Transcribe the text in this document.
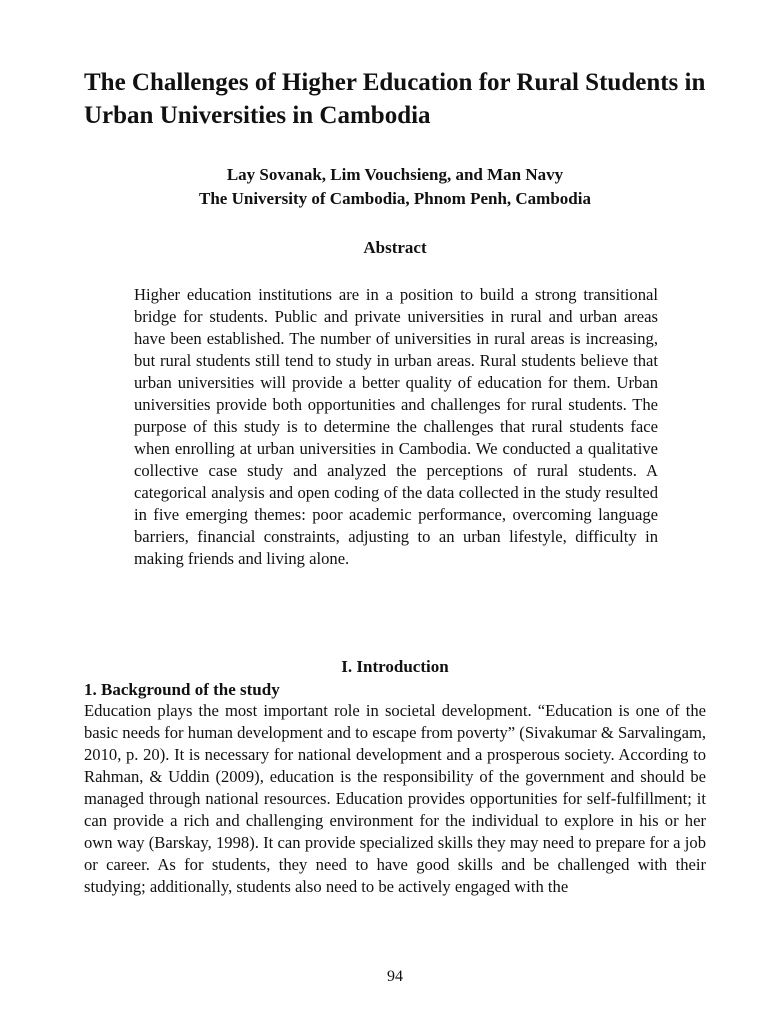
The Challenges of Higher Education for Rural Students in Urban Universities in Cambodia

Lay Sovanak, Lim Vouchsieng, and Man Navy

The University of Cambodia, Phnom Penh, Cambodia

Abstract

Higher education institutions are in a position to build a strong transitional bridge for students. Public and private universities in rural and urban areas have been established. The number of universities in rural areas is increasing, but rural students still tend to study in urban areas. Rural students believe that urban universities will provide a better quality of education for them. Urban universities provide both opportunities and challenges for rural students. The purpose of this study is to determine the challenges that rural students face when enrolling at urban universities in Cambodia. We conducted a qualitative collective case study and analyzed the perceptions of rural students. A categorical analysis and open coding of the data collected in the study resulted in five emerging themes: poor academic performance, overcoming language barriers, financial constraints, adjusting to an urban lifestyle, difficulty in making friends and living alone.

I. Introduction
1. Background of the study

Education plays the most important role in societal development. “Education is one of the basic needs for human development and to escape from poverty” (Sivakumar & Sarvalingam, 2010, p. 20). It is necessary for national development and a prosperous society. According to Rahman, & Uddin (2009), education is the responsibility of the government and should be managed through national resources. Education provides opportunities for self-fulfillment; it can provide a rich and challenging environment for the individual to explore in his or her own way (Barskay, 1998). It can provide specialized skills they may need to prepare for a job or career. As for students, they need to have good skills and be challenged with their studying; additionally, students also need to be actively engaged with the

94
